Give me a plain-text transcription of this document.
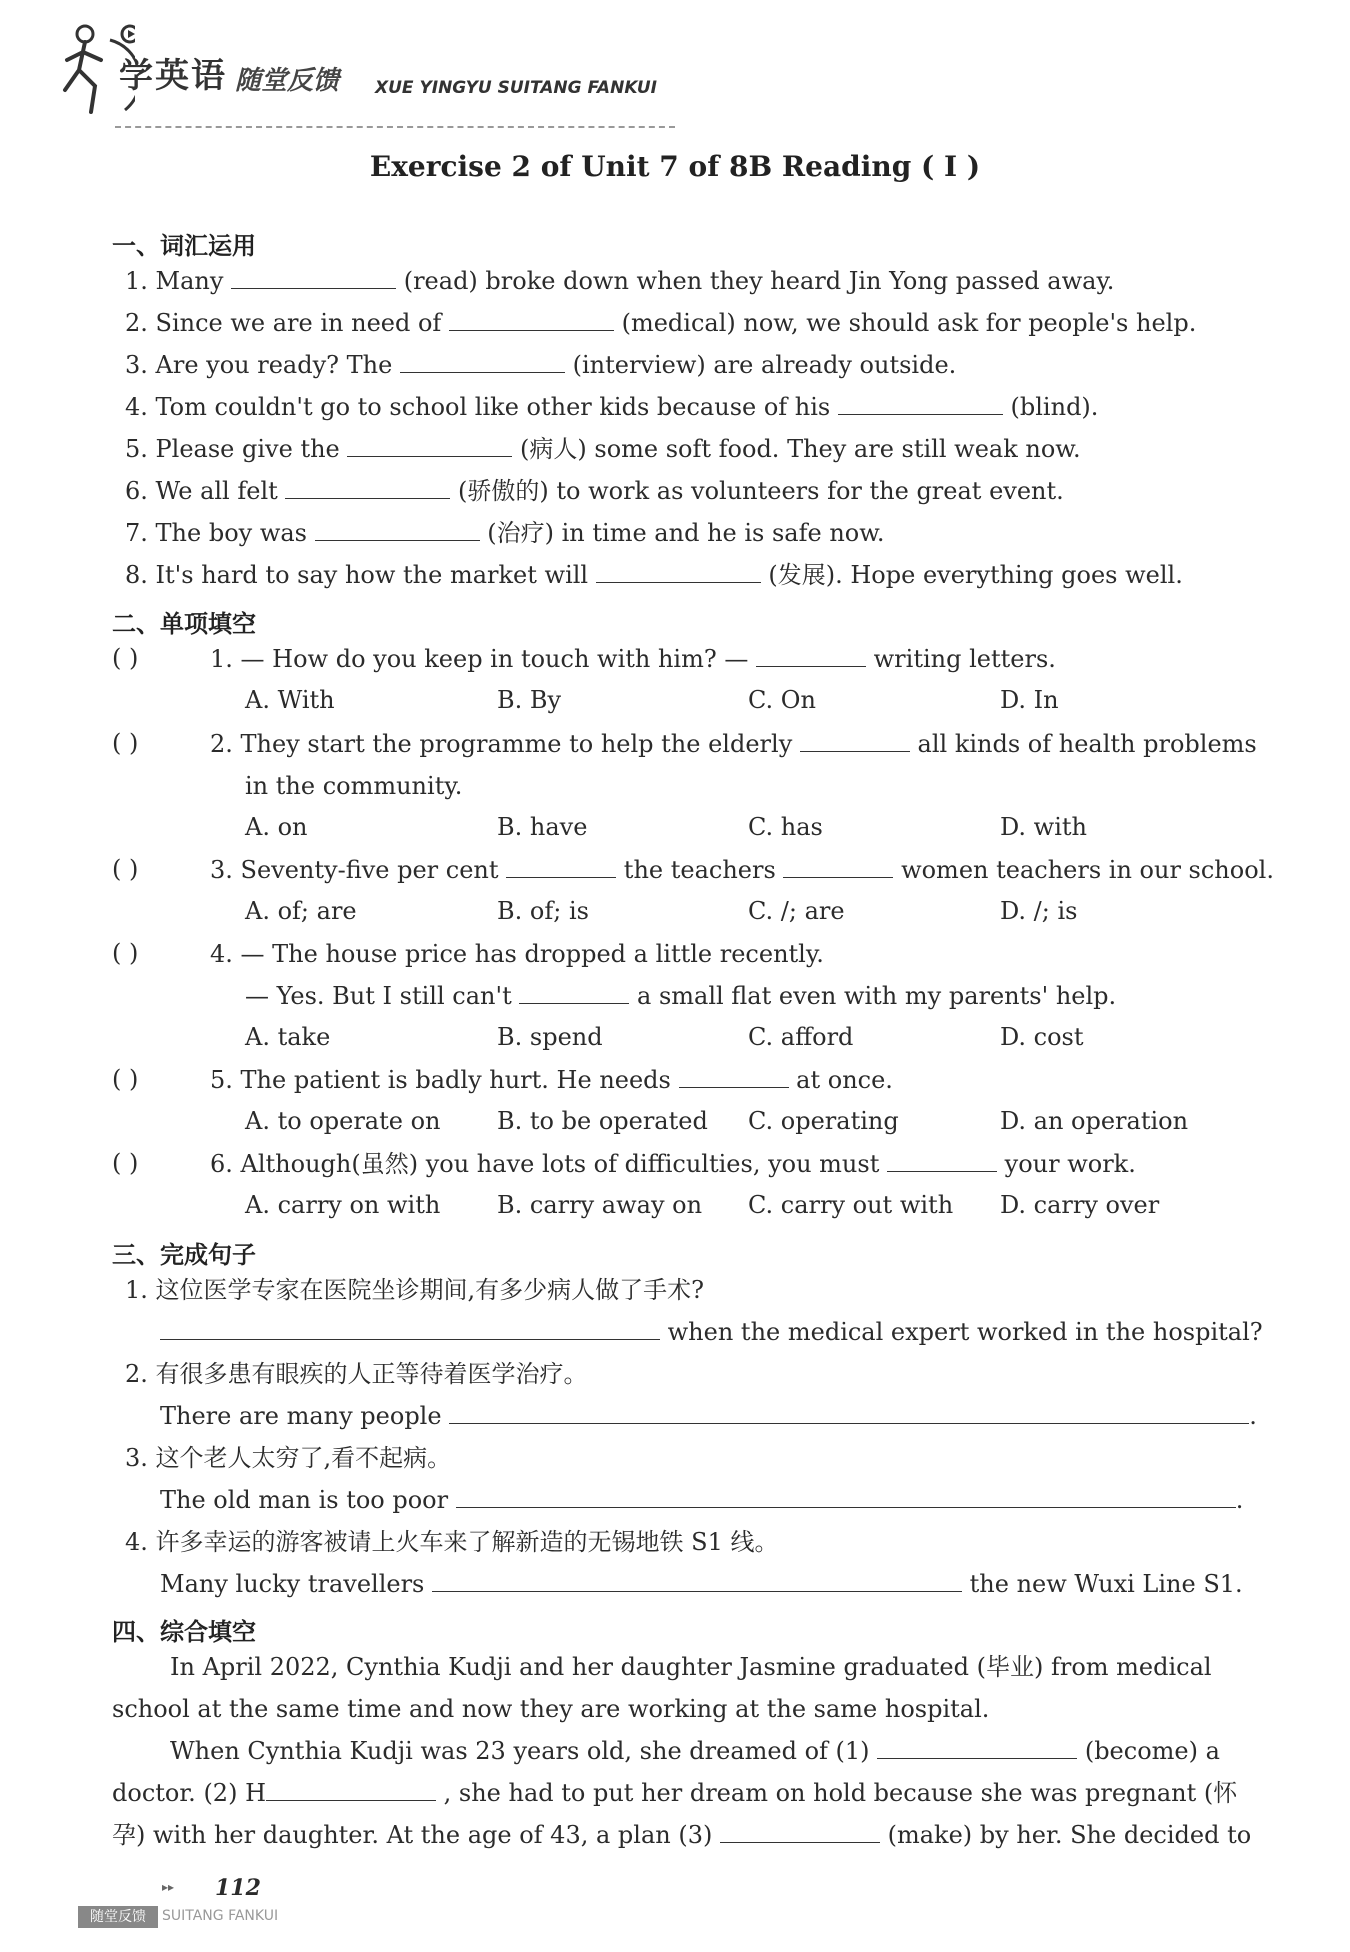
学英语 随堂反馈 XUE YINGYU SUITANG FANKUI
Exercise 2 of Unit 7 of 8B Reading ( Ⅰ )
一、词汇运用
1. Many	(read) broke down when they heard Jin Yong passed away.
2. Since we are in need of	(medical) now, we should ask for people's help.
3. Are you ready? The	(interview) are already outside.
4. Tom couldn't go to school like other kids because of his	(blind).
5. Please give the	(病人) some soft food. They are still weak now.
6. We all felt	(骄傲的) to work as volunteers for the great event.
7. The boy was	(治疗) in time and he is safe now.
8. It's hard to say how the market will	(发展). Hope everything goes well.
二、单项填空
( )	1. — How do you keep in touch with him? —	writing letters.
A. With	B. By	C. On	D. In
( )	2. They start the programme to help the elderly	all kinds of health problems
in the community.
A. on	B. have	C. has	D. with
( )	3. Seventy-five per cent	the teachers	women teachers in our school.
A. of; are	B. of; is	C. /; are	D. /; is
( )	4. — The house price has dropped a little recently.
— Yes. But I still can't	a small flat even with my parents' help.
A. take	B. spend	C. afford	D. cost
( )	5. The patient is badly hurt. He needs	at once.
A. to operate on B. to be operated C. operating	D. an operation
( )	6. Although(虽然) you have lots of difficulties, you must	your work.
A. carry on with B. carry away on C. carry out with D. carry over
三、完成句子
1. 这位医学专家在医院坐诊期间,有多少病人做了手术?
when the medical expert worked in the hospital?
2. 有很多患有眼疾的人正等待着医学治疗。
There are many people	.
3. 这个老人太穷了,看不起病。
The old man is too poor	.
4. 许多幸运的游客被请上火车来了解新造的无锡地铁 S1 线。
Many lucky travellers	the new Wuxi Line S1.
四、综合填空
In April 2022, Cynthia Kudji and her daughter Jasmine graduated (毕业) from medical
school at the same time and now they are working at the same hospital.
When Cynthia Kudji was 23 years old, she dreamed of (1)	(become) a
doctor. (2) H	, she had to put her dream on hold because she was pregnant (怀
孕) with her daughter. At the age of 43, a plan (3)	(make) by her. She decided to
▸▸ 112
随堂反馈	SUITANG FANKUI
